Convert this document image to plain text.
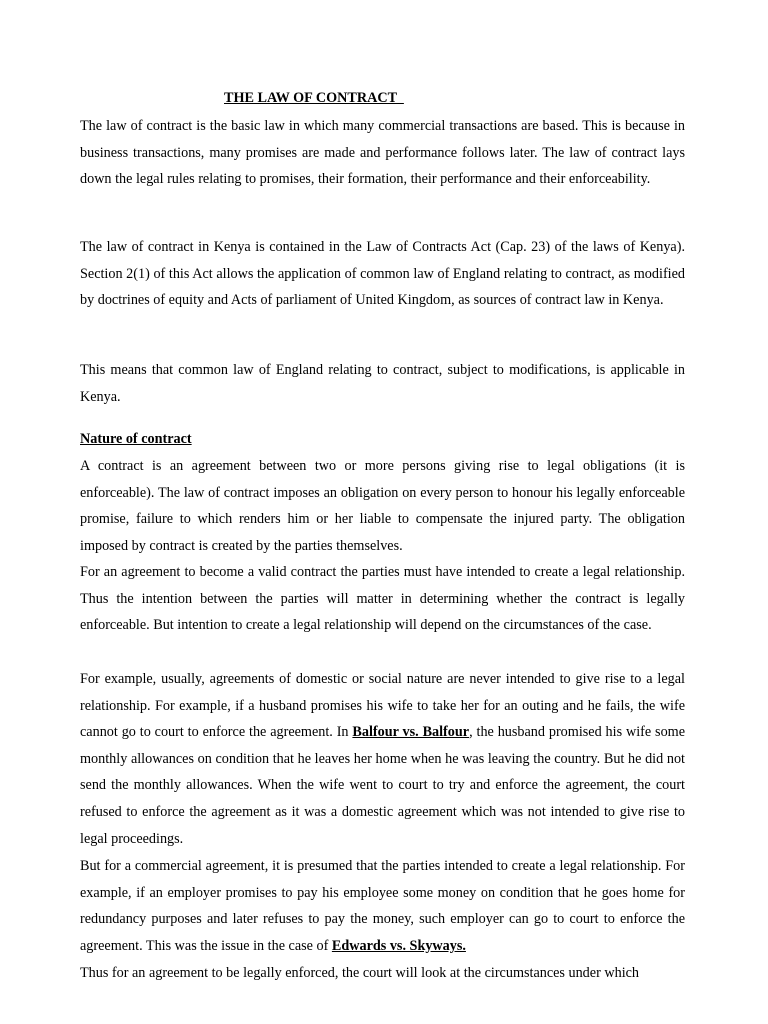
THE LAW OF CONTRACT

The law of contract is the basic law in which many commercial transactions are based. This is because in business transactions, many promises are made and performance follows later. The law of contract lays down the legal rules relating to promises, their formation, their performance and their enforceability.

The law of contract in Kenya is contained in the Law of Contracts Act (Cap. 23) of the laws of Kenya). Section 2(1) of this Act allows the application of common law of England relating to contract, as modified by doctrines of equity and Acts of parliament of United Kingdom, as sources of contract law in Kenya.

This means that common law of England relating to contract, subject to modifications, is applicable in Kenya.

Nature of contract

A contract is an agreement between two or more persons giving rise to legal obligations (it is enforceable). The law of contract imposes an obligation on every person to honour his legally enforceable promise, failure to which renders him or her liable to compensate the injured party. The obligation imposed by contract is created by the parties themselves.

For an agreement to become a valid contract the parties must have intended to create a legal relationship. Thus the intention between the parties will matter in determining whether the contract is legally enforceable. But intention to create a legal relationship will depend on the circumstances of the case.

For example, usually, agreements of domestic or social nature are never intended to give rise to a legal relationship. For example, if a husband promises his wife to take her for an outing and he fails, the wife cannot go to court to enforce the agreement. In Balfour vs. Balfour, the husband promised his wife some monthly allowances on condition that he leaves her home when he was leaving the country. But he did not send the monthly allowances. When the wife went to court to try and enforce the agreement, the court refused to enforce the agreement as it was a domestic agreement which was not intended to give rise to legal proceedings.

But for a commercial agreement, it is presumed that the parties intended to create a legal relationship. For example, if an employer promises to pay his employee some money on condition that he goes home for redundancy purposes and later refuses to pay the money, such employer can go to court to enforce the agreement. This was the issue in the case of Edwards vs. Skyways.

Thus for an agreement to be legally enforced, the court will look at the circumstances under which
